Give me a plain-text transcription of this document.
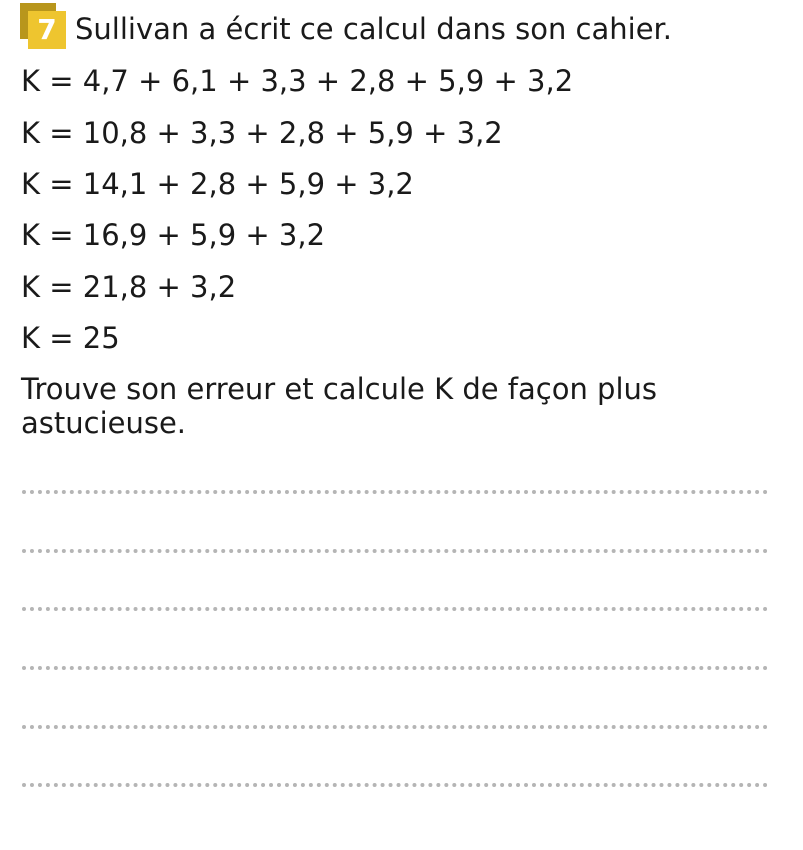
7 Sullivan a écrit ce calcul dans son cahier.
K = 4,7 + 6,1 + 3,3 + 2,8 + 5,9 + 3,2
K = 10,8 + 3,3 + 2,8 + 5,9 + 3,2
K = 14,1 + 2,8 + 5,9 + 3,2
K = 16,9 + 5,9 + 3,2
K = 21,8 + 3,2
K = 25
Trouve son erreur et calcule K de façon plus astucieuse.
